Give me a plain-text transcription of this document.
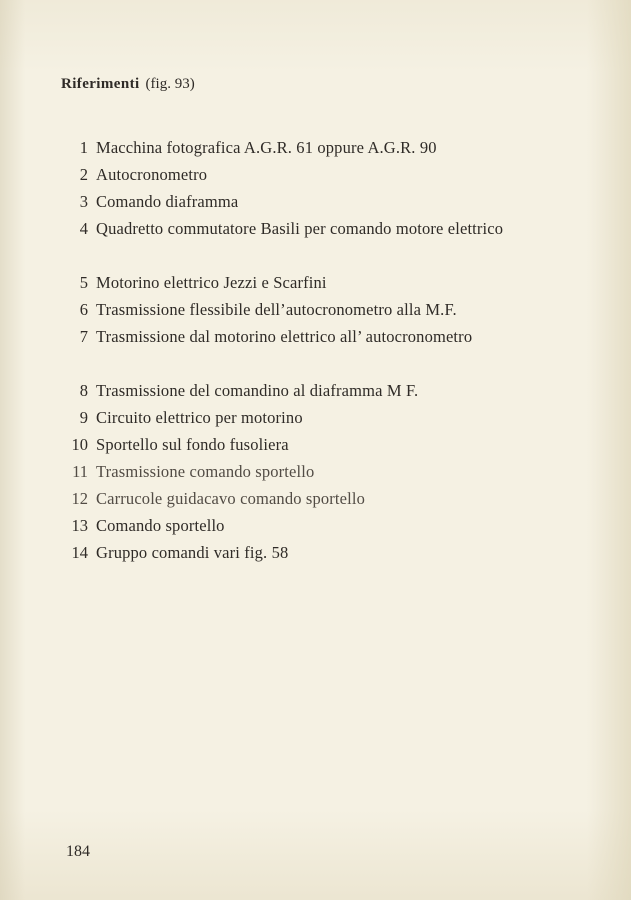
Riferimenti (fig. 93)
1 Macchina fotografica A.G.R. 61 oppure A.G.R. 90
2 Autocronometro
3 Comando diaframma
4 Quadretto commutatore Basili per comando motore elettrico
5 Motorino elettrico Jezzi e Scarfini
6 Trasmissione flessibile dell’autocronometro alla M.F.
7 Trasmissione dal motorino elettrico all’ autocronometro
8 Trasmissione del comandino al diaframma M F.
9 Circuito elettrico per motorino
10 Sportello sul fondo fusoliera
11 Trasmissione comando sportello
12 Carrucole guidacavo comando sportello
13 Comando sportello
14 Gruppo comandi vari fig. 58
184
